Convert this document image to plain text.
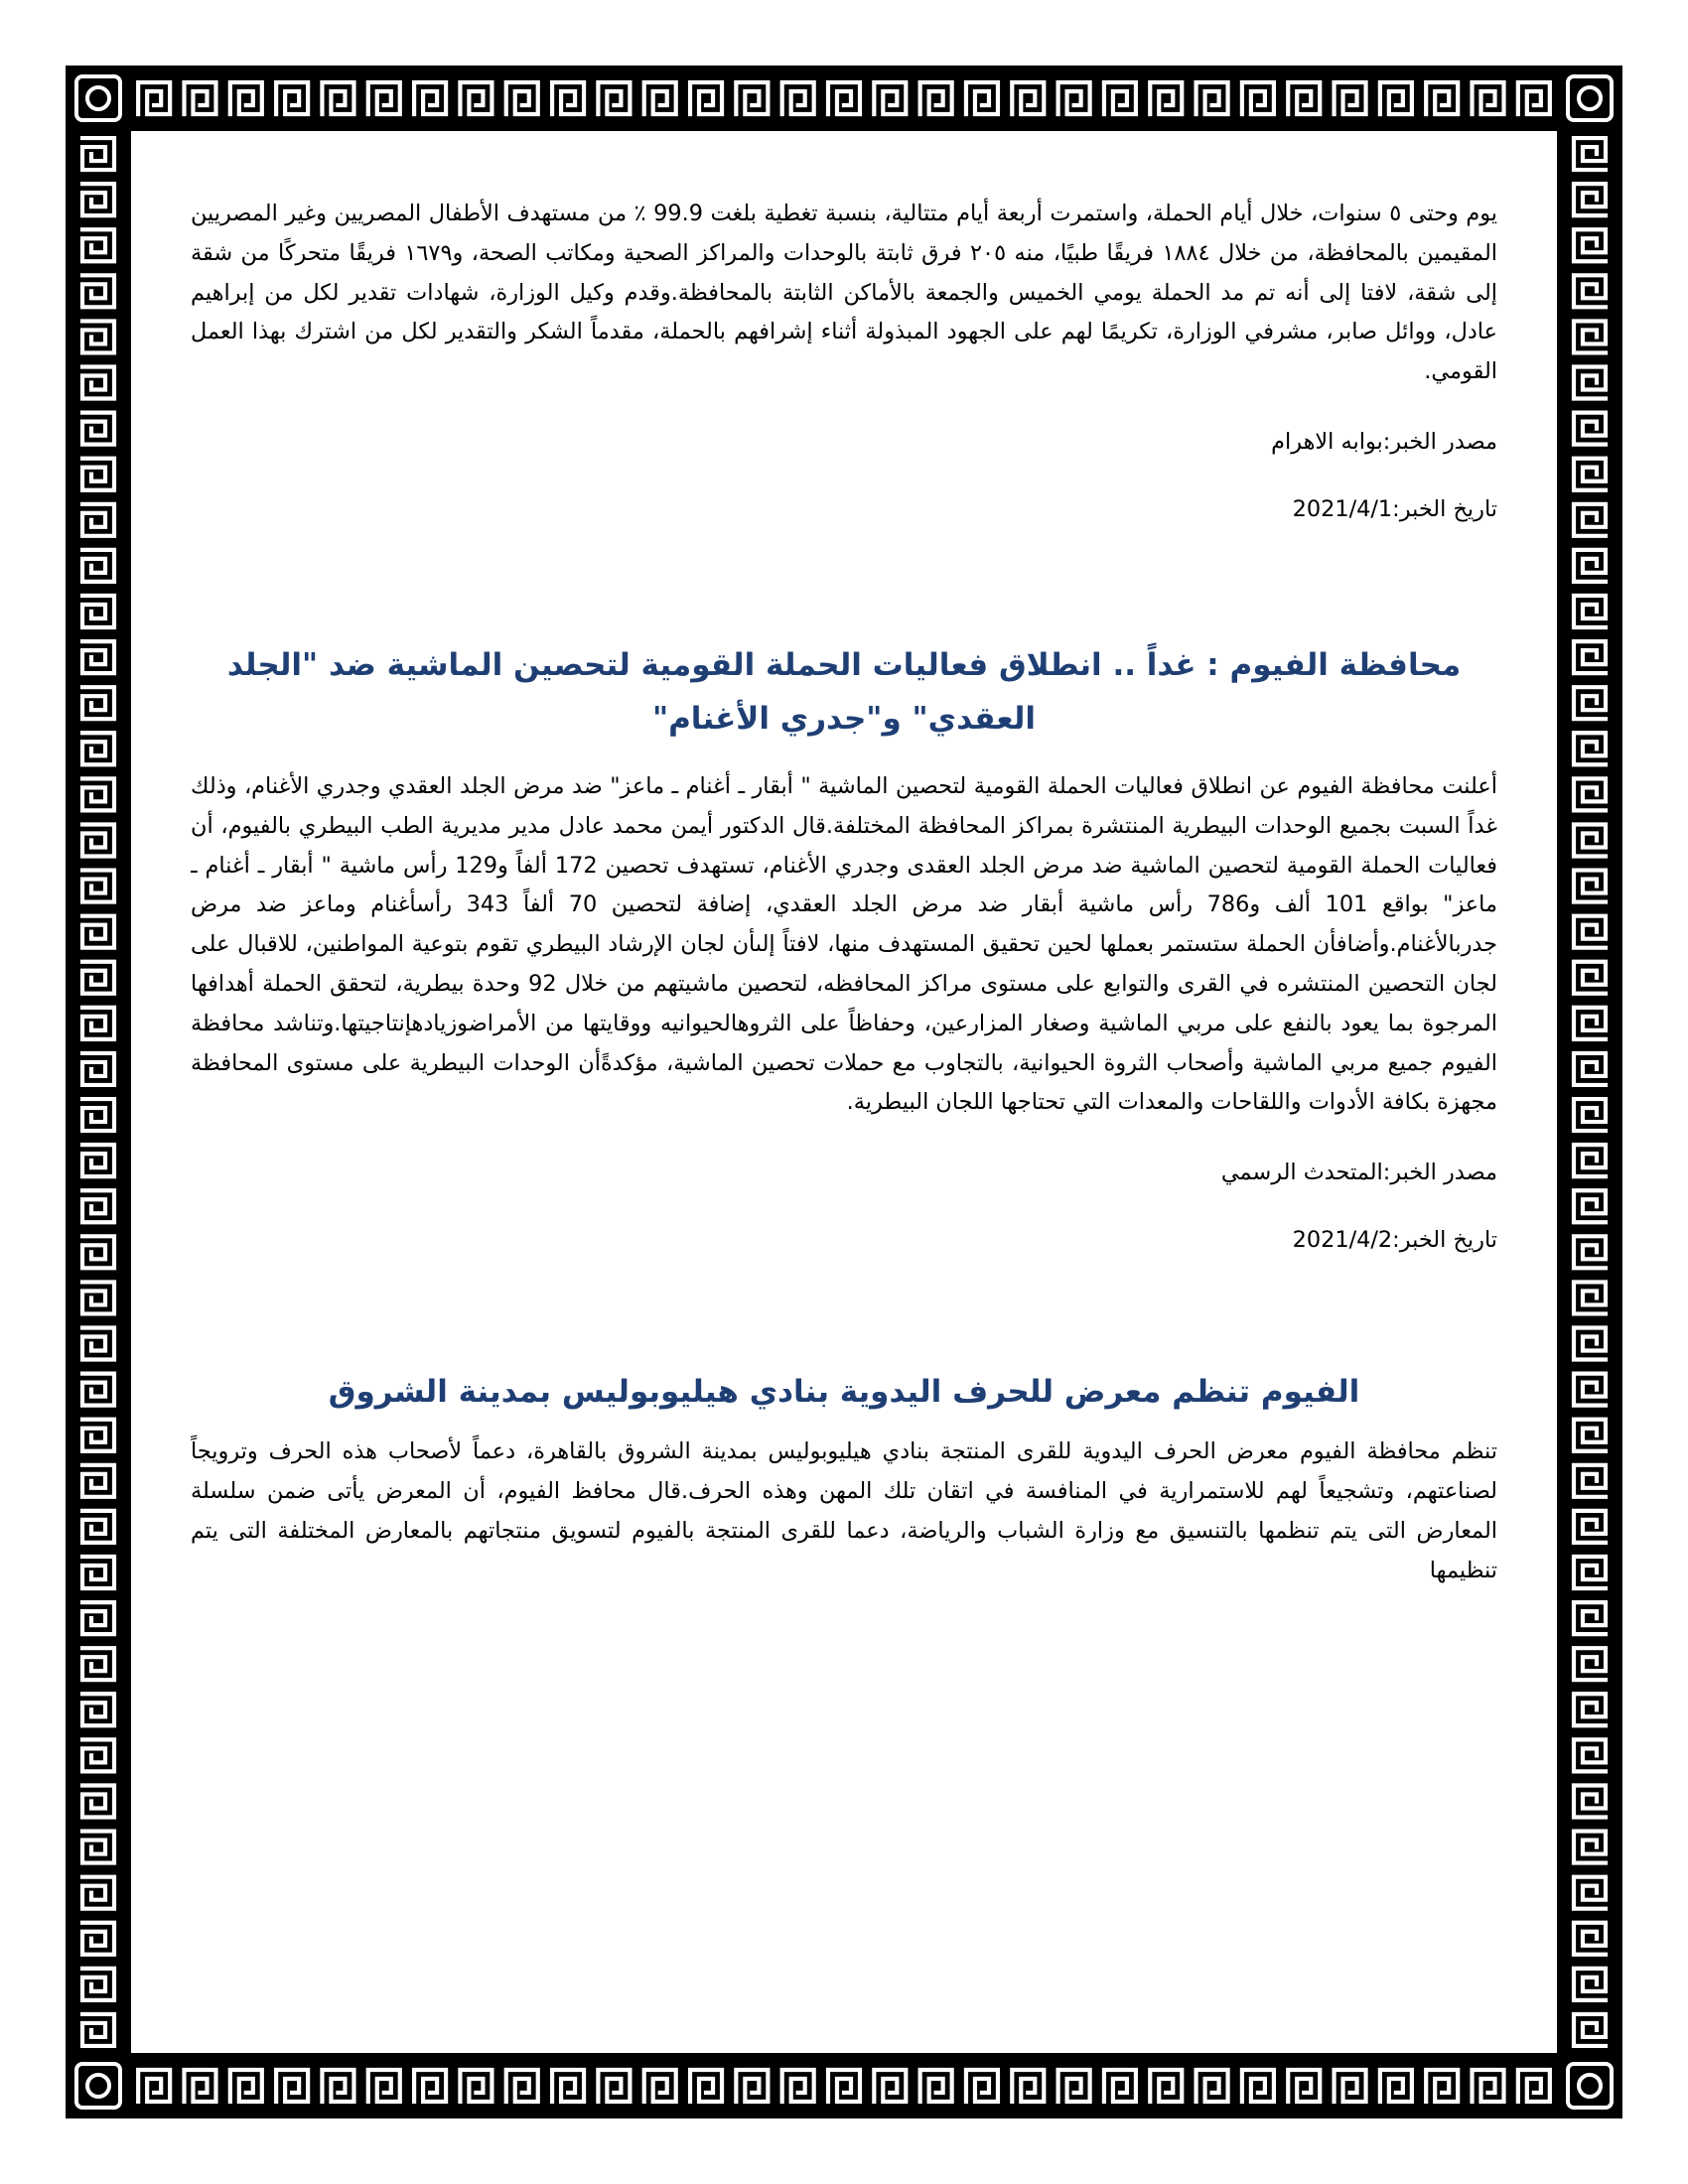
يوم وحتى ٥ سنوات، خلال أيام الحملة، واستمرت أربعة أيام متتالية، بنسبة تغطية بلغت 99.9 ٪ من مستهدف الأطفال المصريين وغير المصريين المقيمين بالمحافظة، من خلال ١٨٨٤ فريقًا طبيًا، منه ٢٠٥ فرق ثابتة بالوحدات والمراكز الصحية ومكاتب الصحة، و١٦٧٩ فريقًا متحركًا من شقة إلى شقة، لافتا إلى أنه تم مد الحملة يومي الخميس والجمعة بالأماكن الثابتة بالمحافظة.وقدم وكيل الوزارة، شهادات تقدير لكل من إبراهيم عادل، ووائل صابر، مشرفي الوزارة، تكريمًا لهم على الجهود المبذولة أثناء إشرافهم بالحملة، مقدماً الشكر والتقدير لكل من اشترك بهذا العمل القومي.

مصدر الخبر:بوابه الاهرام

تاريخ الخبر:2021/4/1

محافظة الفيوم : غداً .. انطلاق فعاليات الحملة القومية لتحصين الماشية ضد "الجلد العقدي" و"جدري الأغنام"

أعلنت محافظة الفيوم عن انطلاق فعاليات الحملة القومية لتحصين الماشية " أبقار ـ أغنام ـ ماعز" ضد مرض الجلد العقدي وجدري الأغنام، وذلك غداً السبت بجميع الوحدات البيطرية المنتشرة بمراكز المحافظة المختلفة.قال الدكتور أيمن محمد عادل مدير مديرية الطب البيطري بالفيوم، أن فعاليات الحملة القومية لتحصين الماشية ضد مرض الجلد العقدى وجدري الأغنام، تستهدف تحصين 172 ألفاً و129 رأس ماشية " أبقار ـ أغنام ـ ماعز" بواقع 101 ألف و786 رأس ماشية أبقار ضد مرض الجلد العقدي، إضافة لتحصين 70 ألفاً 343 رأسأغنام وماعز ضد مرض جدربالأغنام.وأضافأن الحملة ستستمر بعملها لحين تحقيق المستهدف منها، لافتاً إلىأن لجان الإرشاد البيطري تقوم بتوعية المواطنين، للاقبال على لجان التحصين المنتشره في القرى والتوابع على مستوى مراكز المحافظه، لتحصين ماشيتهم من خلال 92 وحدة بيطرية، لتحقق الحملة أهدافها المرجوة بما يعود بالنفع على مربي الماشية وصغار المزارعين، وحفاظاً على الثروهالحيوانيه ووقايتها من الأمراضوزيادهإنتاجيتها.وتناشد محافظة الفيوم جميع مربي الماشية وأصحاب الثروة الحيوانية، بالتجاوب مع حملات تحصين الماشية، مؤكدةًأن الوحدات البيطرية على مستوى المحافظة مجهزة بكافة الأدوات واللقاحات والمعدات التي تحتاجها اللجان البيطرية.

مصدر الخبر:المتحدث الرسمي

تاريخ الخبر:2021/4/2

الفيوم تنظم معرض للحرف اليدوية بنادي هيليوبوليس بمدينة الشروق

تنظم محافظة الفيوم معرض الحرف اليدوية للقرى المنتجة بنادي هيليوبوليس بمدينة الشروق بالقاهرة، دعماً لأصحاب هذه الحرف وترويجاً لصناعتهم، وتشجيعاً لهم للاستمرارية في المنافسة في اتقان تلك المهن وهذه الحرف.قال محافظ الفيوم، أن المعرض يأتى ضمن سلسلة المعارض التى يتم تنظمها بالتنسيق مع وزارة الشباب والرياضة، دعما للقرى المنتجة بالفيوم لتسويق منتجاتهم بالمعارض المختلفة التى يتم تنظيمها
